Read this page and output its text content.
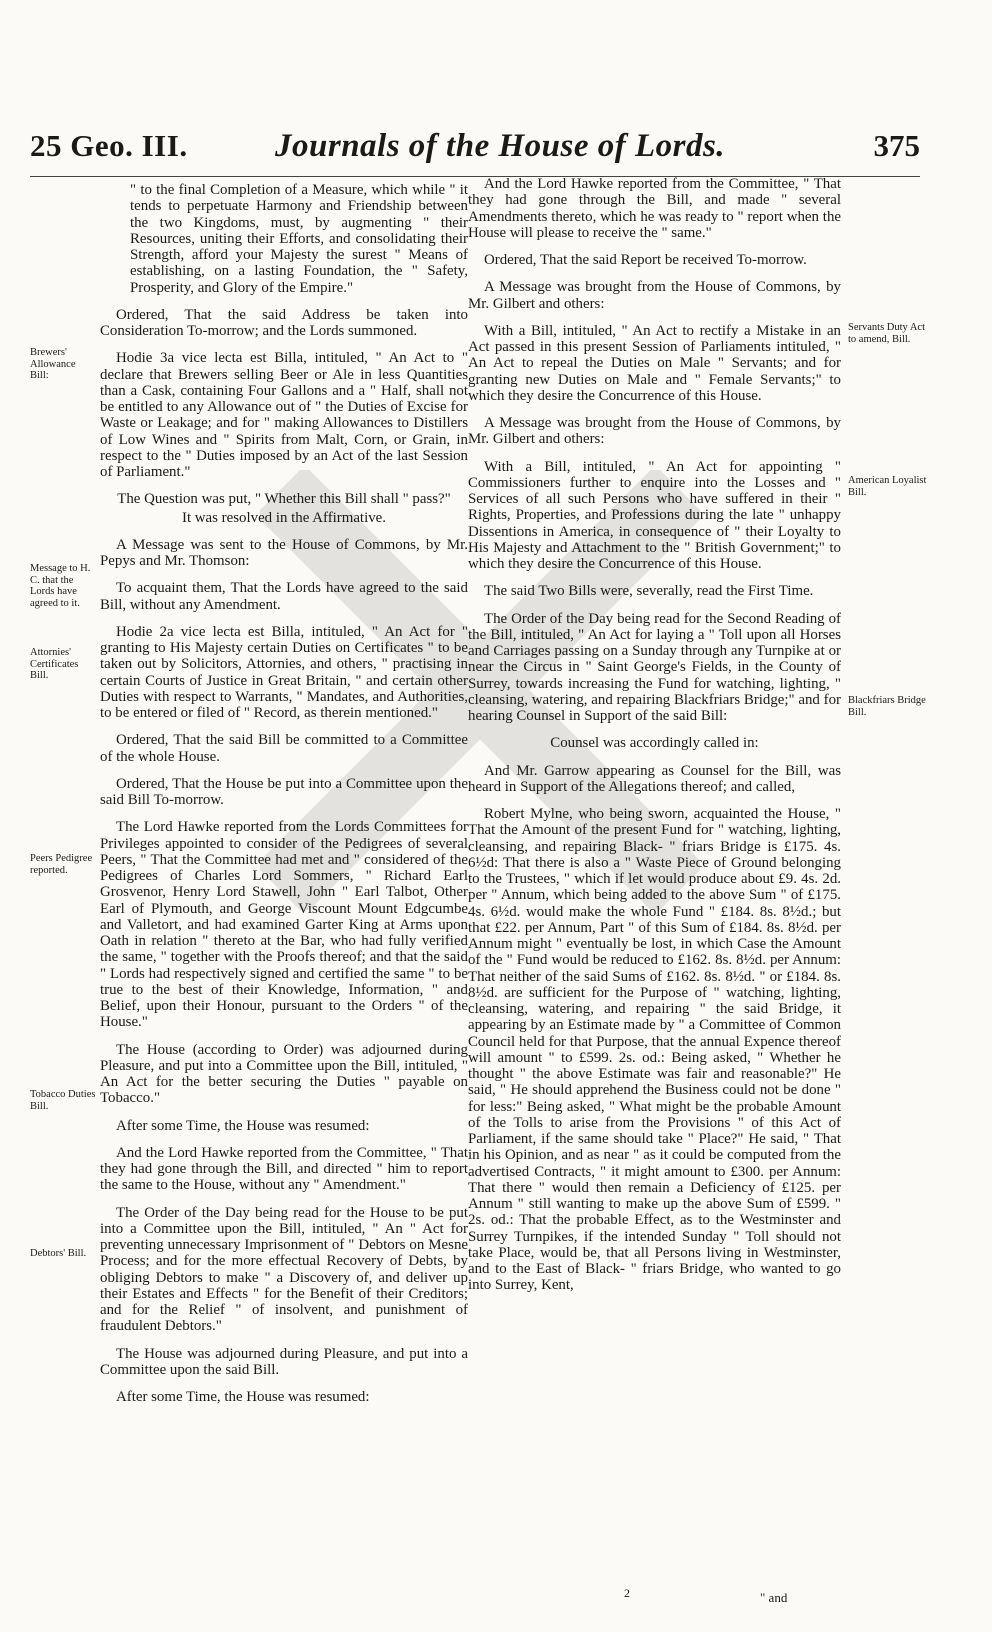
25 Geo. III.	Journals of the House of Lords.	375
Brewers' Allowance Bill:
Message to H. C. that the Lords have agreed to it.
Attornies' Certificates Bill.
Peers Pedigree reported.
Tobacco Duties Bill.
Debtors' Bill.
Servants Duty Act to amend, Bill.
American Loyalist Bill.
Blackfriars Bridge Bill.

" to the final Completion of a Measure, which while " it tends to perpetuate Harmony and Friendship between the two Kingdoms, must, by augmenting " their Resources, uniting their Efforts, and consolidating their Strength, afford your Majesty the surest " Means of establishing, on a lasting Foundation, the " Safety, Prosperity, and Glory of the Empire."

Ordered, That the said Address be taken into Consideration To-morrow; and the Lords summoned.

Hodie 3a vice lecta est Billa, intituled, " An Act to " declare that Brewers selling Beer or Ale in less Quantities than a Cask, containing Four Gallons and a " Half, shall not be entitled to any Allowance out of " the Duties of Excise for Waste or Leakage; and for " making Allowances to Distillers of Low Wines and " Spirits from Malt, Corn, or Grain, in respect to the " Duties imposed by an Act of the last Session of Parliament."

The Question was put, " Whether this Bill shall " pass?"

It was resolved in the Affirmative.

A Message was sent to the House of Commons, by Mr. Pepys and Mr. Thomson:

To acquaint them, That the Lords have agreed to the said Bill, without any Amendment.

Hodie 2a vice lecta est Billa, intituled, " An Act for " granting to His Majesty certain Duties on Certificates " to be taken out by Solicitors, Attornies, and others, " practising in certain Courts of Justice in Great Britain, " and certain other Duties with respect to Warrants, " Mandates, and Authorities, to be entered or filed of " Record, as therein mentioned."

Ordered, That the said Bill be committed to a Committee of the whole House.

Ordered, That the House be put into a Committee upon the said Bill To-morrow.

The Lord Hawke reported from the Lords Committees for Privileges appointed to consider of the Pedigrees of several Peers, " That the Committee had met and " considered of the Pedigrees of Charles Lord Sommers, " Richard Earl Grosvenor, Henry Lord Stawell, John " Earl Talbot, Other Earl of Plymouth, and George Viscount Mount Edgcumbe and Valletort, and had examined Garter King at Arms upon Oath in relation " thereto at the Bar, who had fully verified the same, " together with the Proofs thereof; and that the said " Lords had respectively signed and certified the same " to be true to the best of their Knowledge, Information, " and Belief, upon their Honour, pursuant to the Orders " of the House."

The House (according to Order) was adjourned during Pleasure, and put into a Committee upon the Bill, intituled, " An Act for the better securing the Duties " payable on Tobacco."

After some Time, the House was resumed:

And the Lord Hawke reported from the Committee, " That they had gone through the Bill, and directed " him to report the same to the House, without any " Amendment."

The Order of the Day being read for the House to be put into a Committee upon the Bill, intituled, " An " Act for preventing unnecessary Imprisonment of " Debtors on Mesne Process; and for the more effectual Recovery of Debts, by obliging Debtors to make " a Discovery of, and deliver up their Estates and Effects " for the Benefit of their Creditors; and for the Relief " of insolvent, and punishment of fraudulent Debtors."

The House was adjourned during Pleasure, and put into a Committee upon the said Bill.

After some Time, the House was resumed:

And the Lord Hawke reported from the Committee, " That they had gone through the Bill, and made " several Amendments thereto, which he was ready to " report when the House will please to receive the " same."

Ordered, That the said Report be received To-morrow.

A Message was brought from the House of Commons, by Mr. Gilbert and others:

With a Bill, intituled, " An Act to rectify a Mistake in an Act passed in this present Session of Parliaments intituled, " An Act to repeal the Duties on Male " Servants; and for granting new Duties on Male and " Female Servants;" to which they desire the Concurrence of this House.

A Message was brought from the House of Commons, by Mr. Gilbert and others:

With a Bill, intituled, " An Act for appointing " Commissioners further to enquire into the Losses and " Services of all such Persons who have suffered in their " Rights, Properties, and Professions during the late " unhappy Dissentions in America, in consequence of " their Loyalty to His Majesty and Attachment to the " British Government;" to which they desire the Concurrence of this House.

The said Two Bills were, severally, read the First Time.

The Order of the Day being read for the Second Reading of the Bill, intituled, " An Act for laying a " Toll upon all Horses and Carriages passing on a Sunday through any Turnpike at or near the Circus in " Saint George's Fields, in the County of Surrey, towards increasing the Fund for watching, lighting, " cleansing, watering, and repairing Blackfriars Bridge;" and for hearing Counsel in Support of the said Bill:

Counsel was accordingly called in:

And Mr. Garrow appearing as Counsel for the Bill, was heard in Support of the Allegations thereof; and called,

Robert Mylne, who being sworn, acquainted the House, " That the Amount of the present Fund for " watching, lighting, cleansing, and repairing Black- " friars Bridge is £175. 4s. 6½d: That there is also a " Waste Piece of Ground belonging to the Trustees, " which if let would produce about £9. 4s. 2d. per " Annum, which being added to the above Sum " of £175. 4s. 6½d. would make the whole Fund " £184. 8s. 8½d.; but that £22. per Annum, Part " of this Sum of £184. 8s. 8½d. per Annum might " eventually be lost, in which Case the Amount of the " Fund would be reduced to £162. 8s. 8½d. per Annum: That neither of the said Sums of £162. 8s. 8½d. " or £184. 8s. 8½d. are sufficient for the Purpose of " watching, lighting, cleansing, watering, and repairing " the said Bridge, it appearing by an Estimate made by " a Committee of Common Council held for that Purpose, that the annual Expence thereof will amount " to £599. 2s. od.: Being asked, " Whether he thought " the above Estimate was fair and reasonable?" He said, " He should apprehend the Business could not be done " for less:" Being asked, " What might be the probable Amount of the Tolls to arise from the Provisions " of this Act of Parliament, if the same should take " Place?" He said, " That in his Opinion, and as near " as it could be computed from the advertised Contracts, " it might amount to £300. per Annum: That there " would then remain a Deficiency of £125. per Annum " still wanting to make up the above Sum of £599. " 2s. od.: That the probable Effect, as to the Westminster and Surrey Turnpikes, if the intended Sunday " Toll should not take Place, would be, that all Persons living in Westminster, and to the East of Black- " friars Bridge, who wanted to go into Surrey, Kent,

2	" and
